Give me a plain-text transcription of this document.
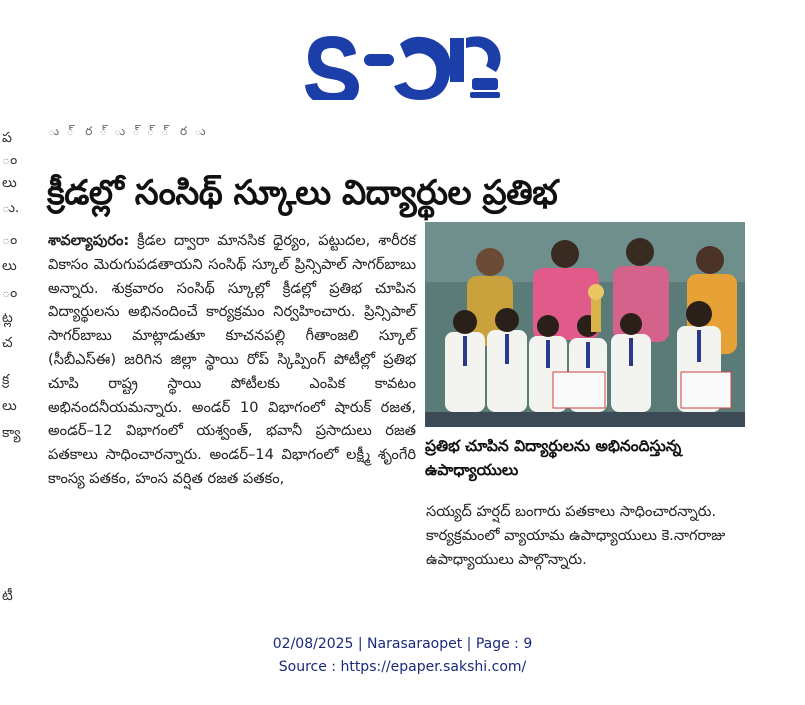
ప
ం
లు
ు.
ం
లు
ం
ట్ల
చ
క్ర
లు
క్యా
టీ
ు ్ ర ్ ు ్ ్ ్ ర ు
క్రీడల్లో సంసిథ్ స్కూలు విద్యార్థుల ప్రతిభ
శావల్యాపురం: క్రీడల ద్వారా మానసిక ధైర్యం, పట్టుదల, శారీరక వికాసం మెరుగుపడతాయని సంసిథ్ స్కూల్ ప్రిన్సిపాల్ సాగర్‌బాబు అన్నారు. శుక్రవారం సంసిథ్ స్కూల్లో క్రీడల్లో ప్రతిభ చూపిన విద్యార్థులను అభినందించే కార్యక్రమం నిర్వహించారు. ప్రిన్సిపాల్ సాగర్‌బాబు మాట్లాడుతూ కూచనపల్లి గీతాంజలి స్కూల్ (సీబీఎస్‌ఈ) జరిగిన జిల్లా స్థాయి రోప్ స్కిప్పింగ్ పోటీల్లో ప్రతిభ చూపి రాష్ట్ర స్థాయి పోటీలకు ఎంపిక కావటం అభినందనీయమన్నారు. అండర్ 10 విభాగంలో షారుక్ రజత, అండర్–12 విభాగంలో యశ్వంత్, భవానీ ప్రసాదులు రజత పతకాలు సాధించారన్నారు. అండర్–14 విభాగంలో లక్ష్మీ శృంగేరి కాంస్య పతకం, హంస వర్షిత రజత పతకం,
ప్రతిభ చూపిన విద్యార్థులను అభినందిస్తున్న ఉపాధ్యాయులు
సయ్యద్ హర్షద్ బంగారు పతకాలు సాధించారన్నారు. కార్యక్రమంలో వ్యాయామ ఉపాధ్యాయులు కె.నాగరాజు ఉపాధ్యాయులు పాల్గొన్నారు.
02/08/2025 | Narasaraopet | Page : 9
Source : https://epaper.sakshi.com/
